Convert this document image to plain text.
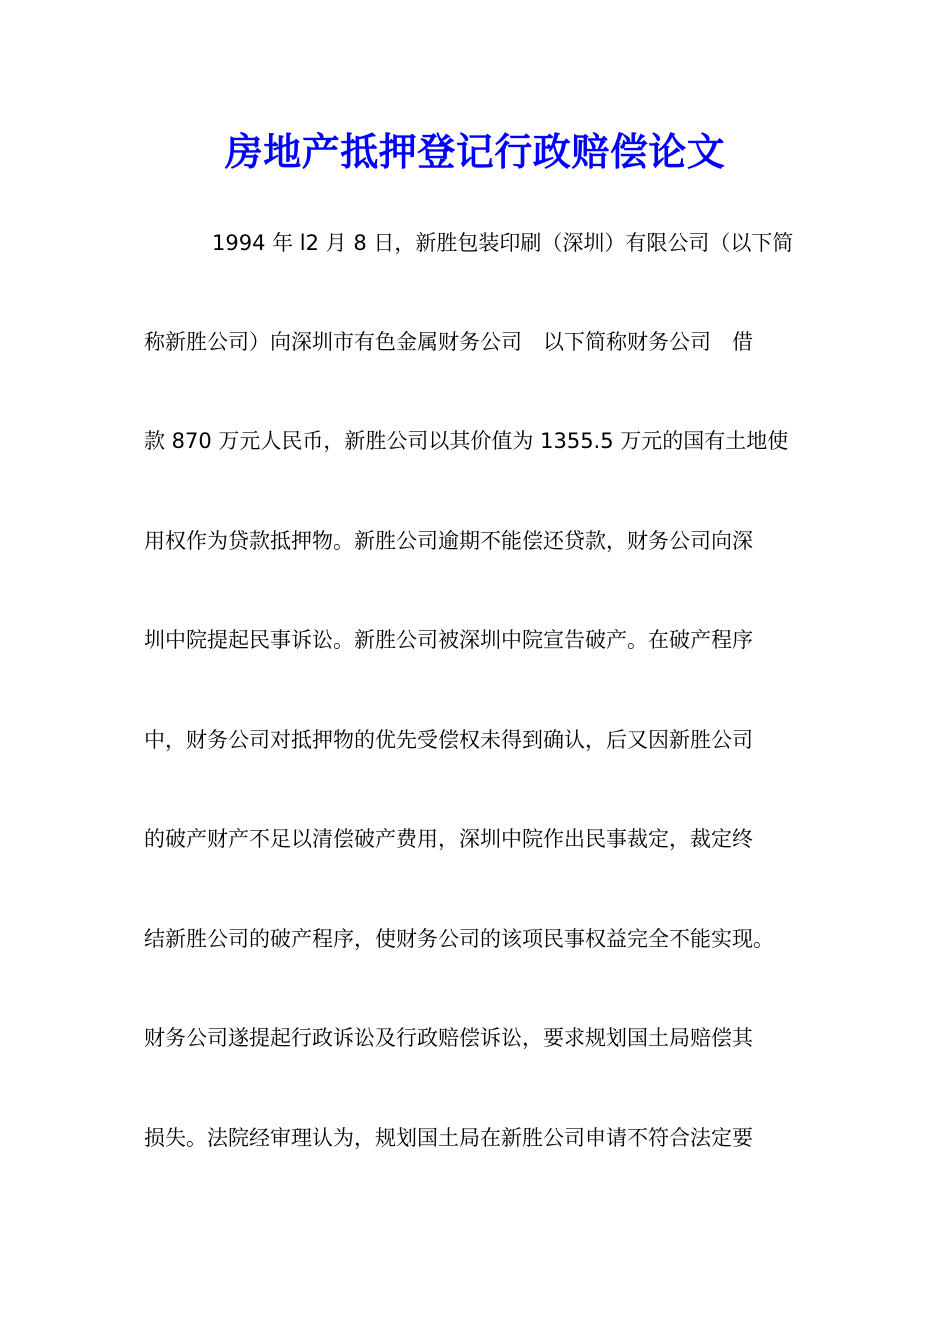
房地产抵押登记行政赔偿论文
1994 年 l2 月 8 日，新胜包装印刷（深圳）有限公司（以下简
称新胜公司）向深圳市有色金属财务公司　以下简称财务公司　借
款 870 万元人民币，新胜公司以其价值为 1355.5 万元的国有土地使
用权作为贷款抵押物。新胜公司逾期不能偿还贷款，财务公司向深
圳中院提起民事诉讼。新胜公司被深圳中院宣告破产。在破产程序
中，财务公司对抵押物的优先受偿权未得到确认，后又因新胜公司
的破产财产不足以清偿破产费用，深圳中院作出民事裁定，裁定终
结新胜公司的破产程序，使财务公司的该项民事权益完全不能实现。
财务公司遂提起行政诉讼及行政赔偿诉讼，要求规划国土局赔偿其
损失。法院经审理认为，规划国土局在新胜公司申请不符合法定要
